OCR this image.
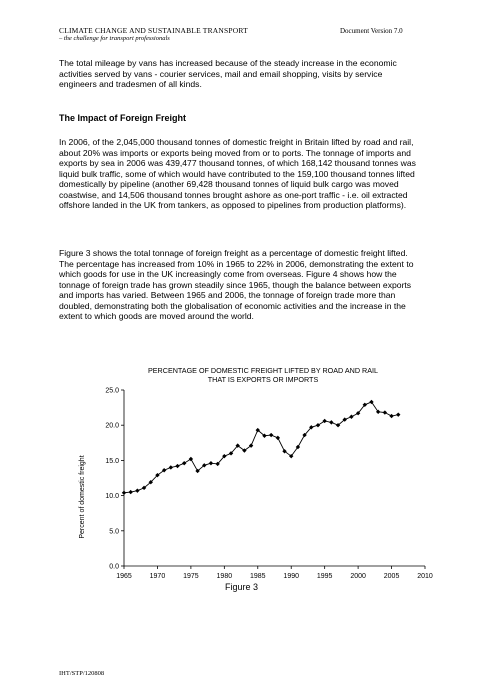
CLIMATE CHANGE AND SUSTAINABLE TRANSPORT
– the challenge for transport professionals
Document Version 7.0

The total mileage by vans has increased because of the steady increase in the economic activities served by vans - courier services, mail and email shopping, visits by service engineers and tradesmen of all kinds.

The Impact of Foreign Freight

In 2006, of the 2,045,000 thousand tonnes of domestic freight in Britain lifted by road and rail, about 20% was imports or exports being moved from or to ports. The tonnage of imports and exports by sea in 2006 was 439,477 thousand tonnes, of which 168,142 thousand tonnes was liquid bulk traffic, some of which would have contributed to the 159,100 thousand tonnes lifted domestically by pipeline (another 69,428 thousand tonnes of liquid bulk cargo was moved coastwise, and 14,506 thousand tonnes brought ashore as one-port traffic - i.e. oil extracted offshore landed in the UK from tankers, as opposed to pipelines from production platforms).

Figure 3 shows the total tonnage of foreign freight as a percentage of domestic freight lifted. The percentage has increased from 10% in 1965 to 22% in 2006, demonstrating the extent to which goods for use in the UK increasingly come from overseas. Figure 4 shows how the tonnage of foreign trade has grown steadily since 1965, though the balance between exports and imports has varied. Between 1965 and 2006, the tonnage of foreign trade more than doubled, demonstrating both the globalisation of economic activities and the increase in the extent to which goods are moved around the world.

PERCENTAGE OF DOMESTIC FREIGHT LIFTED BY ROAD AND RAIL
THAT IS EXPORTS OR IMPORTS
Percent of domestic freight
0.0
5.0
10.0
15.0
20.0
25.0
1965	1970	1975	1980	1985	1990	1995	2000	2005	2010
Figure 3
IHT/STP/120808
